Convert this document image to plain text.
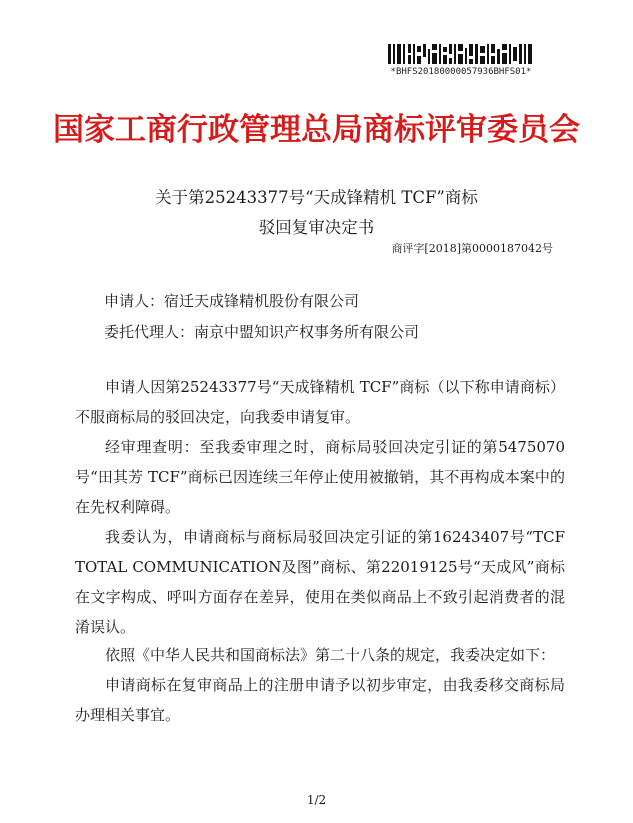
*BHFS20180000057936BHFS01*
国家工商行政管理总局商标评审委员会
关于第25243377号“天成锋精机 TCF”商标
驳回复审决定书
商评字[2018]第0000187042号
申请人：宿迁天成锋精机股份有限公司
委托代理人：南京中盟知识产权事务所有限公司

申请人因第25243377号“天成锋精机 TCF”商标（以下称申请商标）不服商标局的驳回决定，向我委申请复审。

经审理查明：至我委审理之时，商标局驳回决定引证的第5475070号“田其芳 TCF”商标已因连续三年停止使用被撤销，其不再构成本案中的在先权利障碍。

我委认为，申请商标与商标局驳回决定引证的第16243407号“TCF TOTAL COMMUNICATION及图”商标、第22019125号“天成风”商标在文字构成、呼叫方面存在差异，使用在类似商品上不致引起消费者的混淆误认。

依照《中华人民共和国商标法》第二十八条的规定，我委决定如下：

申请商标在复审商品上的注册申请予以初步审定，由我委移交商标局办理相关事宜。

1/2
